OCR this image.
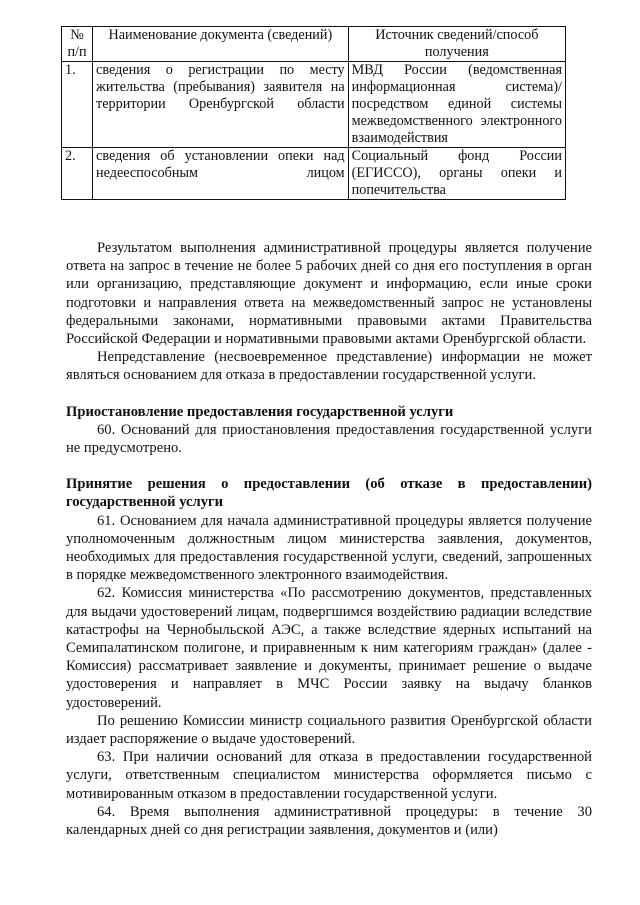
№ п/п	Наименование документа (сведений)	Источник сведений/способ получения
1.	сведения о регистрации по месту жительства (пребывания) заявителя на территории Оренбургской области	МВД России (ведомственная информационная система)/ посредством единой системы межведомственного электронного взаимодействия
2.	сведения об установлении опеки над недееспособным лицом	Социальный фонд России (ЕГИССО), органы опеки и попечительства

Результатом выполнения административной процедуры является получение ответа на запрос в течение не более 5 рабочих дней со дня его поступления в орган или организацию, представляющие документ и информацию, если иные сроки подготовки и направления ответа на межведомственный запрос не установлены федеральными законами, нормативными правовыми актами Правительства Российской Федерации и нормативными правовыми актами Оренбургской области.

Непредставление (несвоевременное представление) информации не может являться основанием для отказа в предоставлении государственной услуги.

Приостановление предоставления государственной услуги

60. Оснований для приостановления предоставления государственной услуги не предусмотрено.

Принятие решения о предоставлении (об отказе в предоставлении) государственной услуги

61. Основанием для начала административной процедуры является получение уполномоченным должностным лицом министерства заявления, документов, необходимых для предоставления государственной услуги, сведений, запрошенных в порядке межведомственного электронного взаимодействия.

62. Комиссия министерства «По рассмотрению документов, представленных для выдачи удостоверений лицам, подвергшимся воздействию радиации вследствие катастрофы на Чернобыльской АЭС, а также вследствие ядерных испытаний на Семипалатинском полигоне, и приравненным к ним категориям граждан» (далее - Комиссия) рассматривает заявление и документы, принимает решение о выдаче удостоверения и направляет в МЧС России заявку на выдачу бланков удостоверений.

По решению Комиссии министр социального развития Оренбургской области издает распоряжение о выдаче удостоверений.

63. При наличии оснований для отказа в предоставлении государственной услуги, ответственным специалистом министерства оформляется письмо с мотивированным отказом в предоставлении государственной услуги.

64. Время выполнения административной процедуры: в течение 30 календарных дней со дня регистрации заявления, документов и (или)
